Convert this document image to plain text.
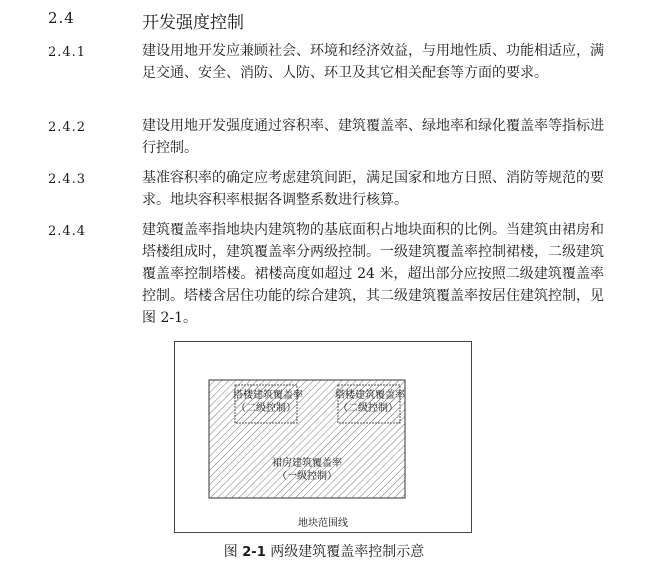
2.4	开发强度控制
2.4.1	建设用地开发应兼顾社会、环境和经济效益，与用地性质、功能相适应，满足交通、安全、消防、人防、环卫及其它相关配套等方面的要求。
2.4.2	建设用地开发强度通过容积率、建筑覆盖率、绿地率和绿化覆盖率等指标进行控制。
2.4.3	基准容积率的确定应考虑建筑间距，满足国家和地方日照、消防等规范的要求。地块容积率根据各调整系数进行核算。
2.4.4	建筑覆盖率指地块内建筑物的基底面积占地块面积的比例。当建筑由裙房和塔楼组成时，建筑覆盖率分两级控制。一级建筑覆盖率控制裙楼，二级建筑覆盖率控制塔楼。裙楼高度如超过 24 米，超出部分应按照二级建筑覆盖率控制。塔楼含居住功能的综合建筑，其二级建筑覆盖率按居住建筑控制，见图 2-1。
塔楼建筑覆盖率
（二级控制）
塔楼建筑覆盖率
（二级控制）
裙房建筑覆盖率
（一级控制）
地块范围线
图 2-1 两级建筑覆盖率控制示意
